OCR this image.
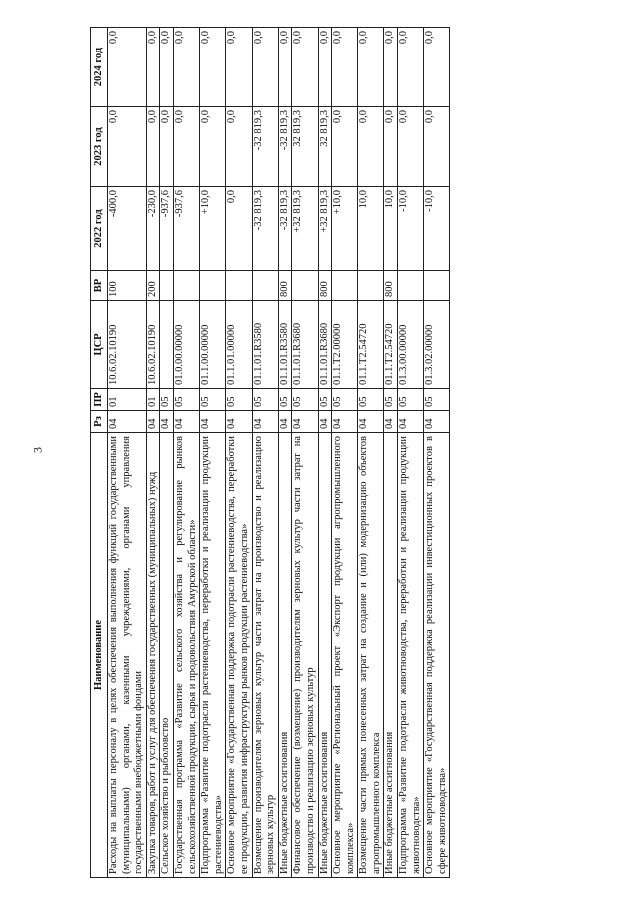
3
Наименование	Рз	ПР	ЦСР	ВР	2022 год	2023 год	2024 год
Расходы на выплаты персоналу в целях обеспечения выполнения функций государственными (муниципальными) органами, казенными учреждениями, органами управления государственными внебюджетными фондами	04	01	10.6.02.10190	100	-400,0	0,0	0,0
Закупка товаров, работ и услуг для обеспечения государственных (муниципальных) нужд	04	01	10.6.02.10190	200	-230,0	0,0	0,0
Сельское хозяйство и рыболовство	04	05			-937,6	0,0	0,0
Государственная программа «Развитие сельского хозяйства и регулирование рынков сельскохозяйственной продукции, сырья и продовольствия Амурской области»	04	05	01.0.00.00000		-937,6	0,0	0,0
Подпрограмма «Развитие подотрасли растениеводства, переработки и реализации продукции растениеводства»	04	05	01.1.00.00000		+10,0	0,0	0,0
Основное мероприятие «Государственная поддержка подотрасли растениеводства, переработки ее продукции, развития инфраструктуры рынков продукции растениеводства»	04	05	01.1.01.00000		0,0	0,0	0,0
Возмещение производителям зерновых культур части затрат на производство и реализацию зерновых культур	04	05	01.1.01.R3580		-32 819,3	-32 819,3	0,0
Иные бюджетные ассигнования	04	05	01.1.01.R3580	800	-32 819,3	-32 819,3	0,0
Финансовое обеспечение (возмещение) производителям зерновых культур части затрат на производство и реализацию зерновых культур	04	05	01.1.01.R3680		+32 819,3	32 819,3	0,0
Иные бюджетные ассигнования	04	05	01.1.01.R3680	800	+32 819,3	32 819,3	0,0
Основное мероприятие «Региональный проект «Экспорт продукции агропромышленного комплекса»	04	05	01.1.T2.00000		+10,0	0,0	0,0
Возмещение части прямых понесенных затрат на создание и (или) модернизацию объектов агропромышленного комплекса	04	05	01.1.T2.54720		10,0	0,0	0,0
Иные бюджетные ассигнования	04	05	01.1.T2.54720	800	10,0	0,0	0,0
Подпрограмма «Развитие подотрасли животноводства, переработки и реализации продукции животноводства»	04	05	01.3.00.00000		-10,0	0,0	0,0
Основное мероприятие «Государственная поддержка реализации инвестиционных проектов в сфере животноводства»	04	05	01.3.02.00000		-10,0	0,0	0,0
